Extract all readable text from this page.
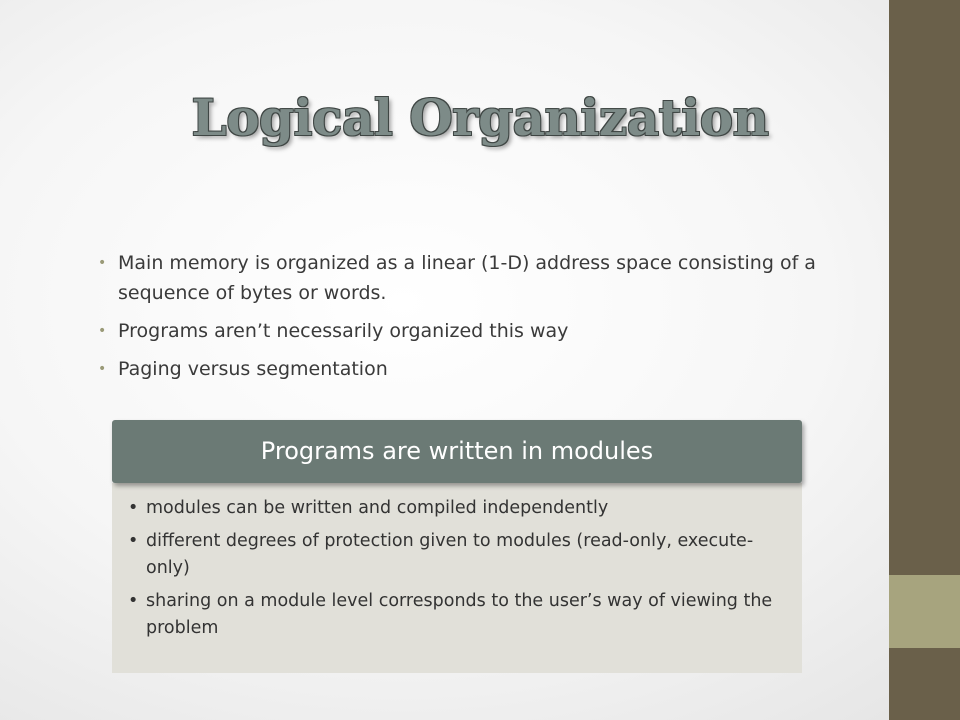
Logical Organization
• Main memory is organized as a linear (1-D) address space consisting of a sequence of bytes or words.
• Programs aren’t necessarily organized this way
• Paging versus segmentation
Programs are written in modules
• modules can be written and compiled independently
• different degrees of protection given to modules (read-only, execute-only)
• sharing on a module level corresponds to the user’s way of viewing the problem
